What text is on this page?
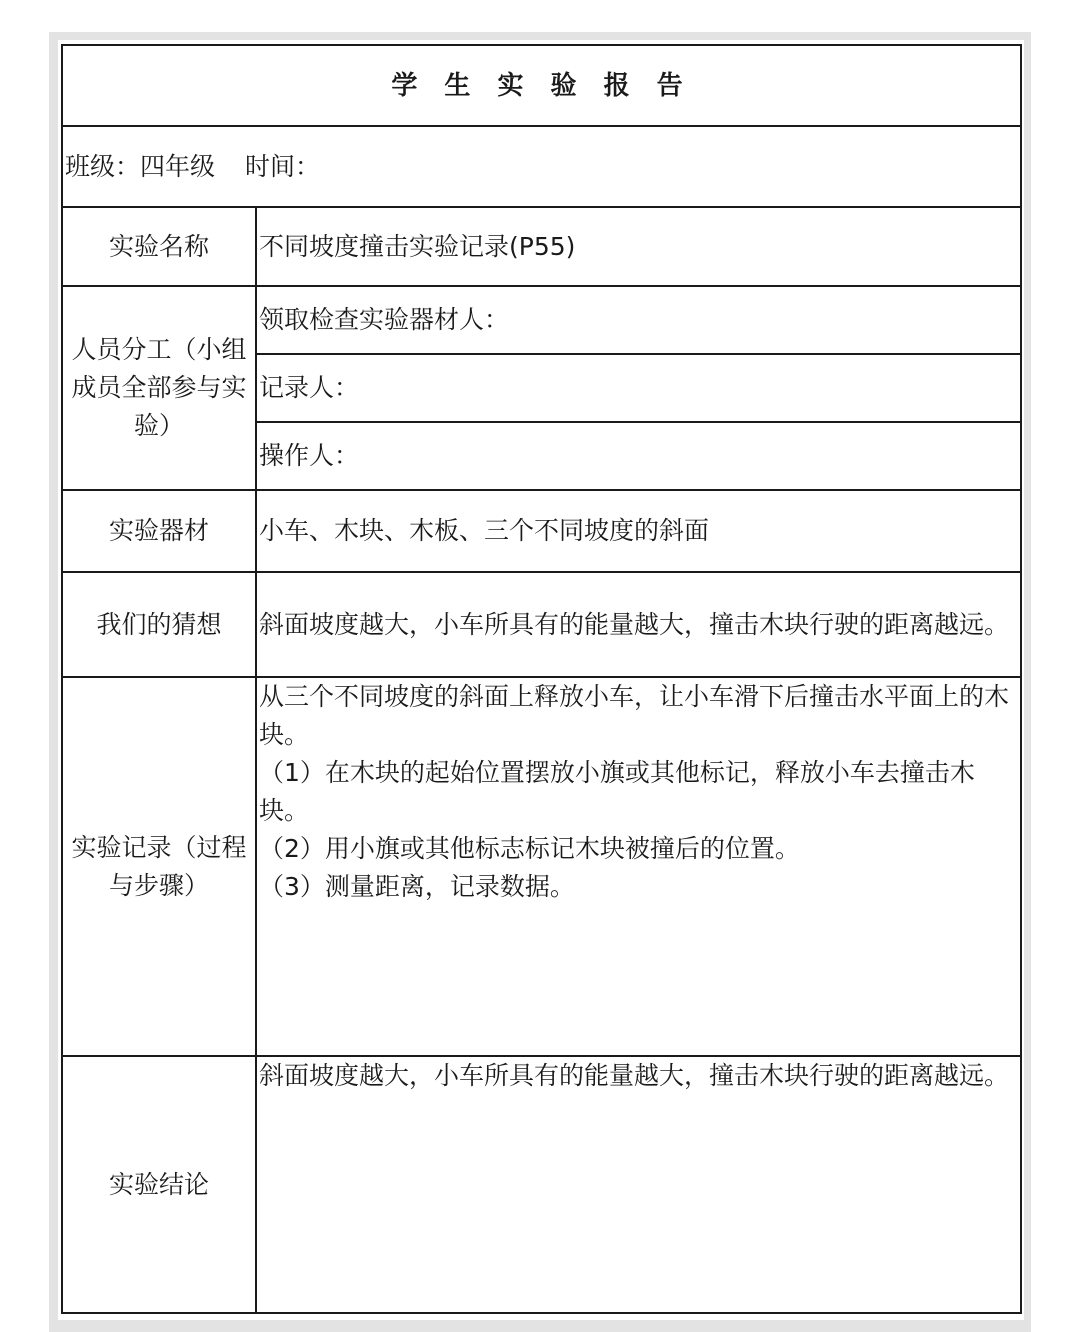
学 生 实 验 报 告	
班级：四年级 时间：	
实验名称	不同坡度撞击实验记录(P55)
人员分工（小组成员全部参与实验）	领取检查实验器材人：
	记录人：
	操作人：
实验器材	小车、木块、木板、三个不同坡度的斜面
我们的猜想	斜面坡度越大，小车所具有的能量越大，撞击木块行驶的距离越远。
实验记录（过程与步骤）	从三个不同坡度的斜面上释放小车，让小车滑下后撞击水平面上的木块。
（1）在木块的起始位置摆放小旗或其他标记，释放小车去撞击木块。
（2）用小旗或其他标志标记木块被撞后的位置。
（3）测量距离，记录数据。

实验结论	斜面坡度越大，小车所具有的能量越大，撞击木块行驶的距离越远。
